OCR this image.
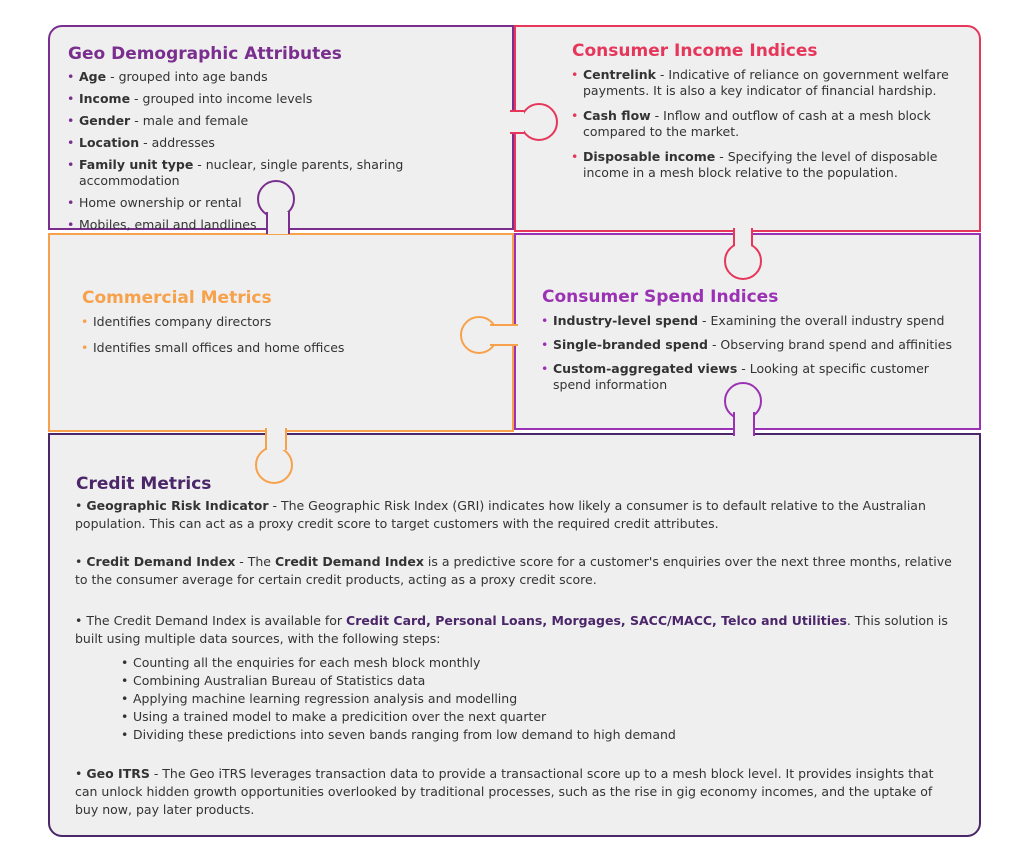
Geo Demographic Attributes
• Age - grouped into age bands
• Income - grouped into income levels
• Gender - male and female
• Location - addresses
• Family unit type - nuclear, single parents, sharing accommodation
• Home ownership or rental
• Mobiles, email and landlines
Consumer Income Indices
• Centrelink - Indicative of reliance on government welfare payments. It is also a key indicator of financial hardship.
• Cash flow - Inflow and outflow of cash at a mesh block compared to the market.
• Disposable income - Specifying the level of disposable income in a mesh block relative to the population.
Commercial Metrics
• Identifies company directors
• Identifies small offices and home offices
Consumer Spend Indices
• Industry-level spend - Examining the overall industry spend
• Single-branded spend - Observing brand spend and affinities
• Custom-aggregated views - Looking at specific customer spend information
Credit Metrics

• Geographic Risk Indicator - The Geographic Risk Index (GRI) indicates how likely a consumer is to default relative to the Australian population. This can act as a proxy credit score to target customers with the required credit attributes.

• Credit Demand Index - The Credit Demand Index is a predictive score for a customer's enquiries over the next three months, relative to the consumer average for certain credit products, acting as a proxy credit score.

• The Credit Demand Index is available for Credit Card, Personal Loans, Morgages, SACC/MACC, Telco and Utilities. This solution is built using multiple data sources, with the following steps:

• Counting all the enquiries for each mesh block monthly
• Combining Australian Bureau of Statistics data
• Applying machine learning regression analysis and modelling
• Using a trained model to make a predicition over the next quarter
• Dividing these predictions into seven bands ranging from low demand to high demand

• Geo ITRS - The Geo iTRS leverages transaction data to provide a transactional score up to a mesh block level. It provides insights that can unlock hidden growth opportunities overlooked by traditional processes, such as the rise in gig economy incomes, and the uptake of buy now, pay later products.
